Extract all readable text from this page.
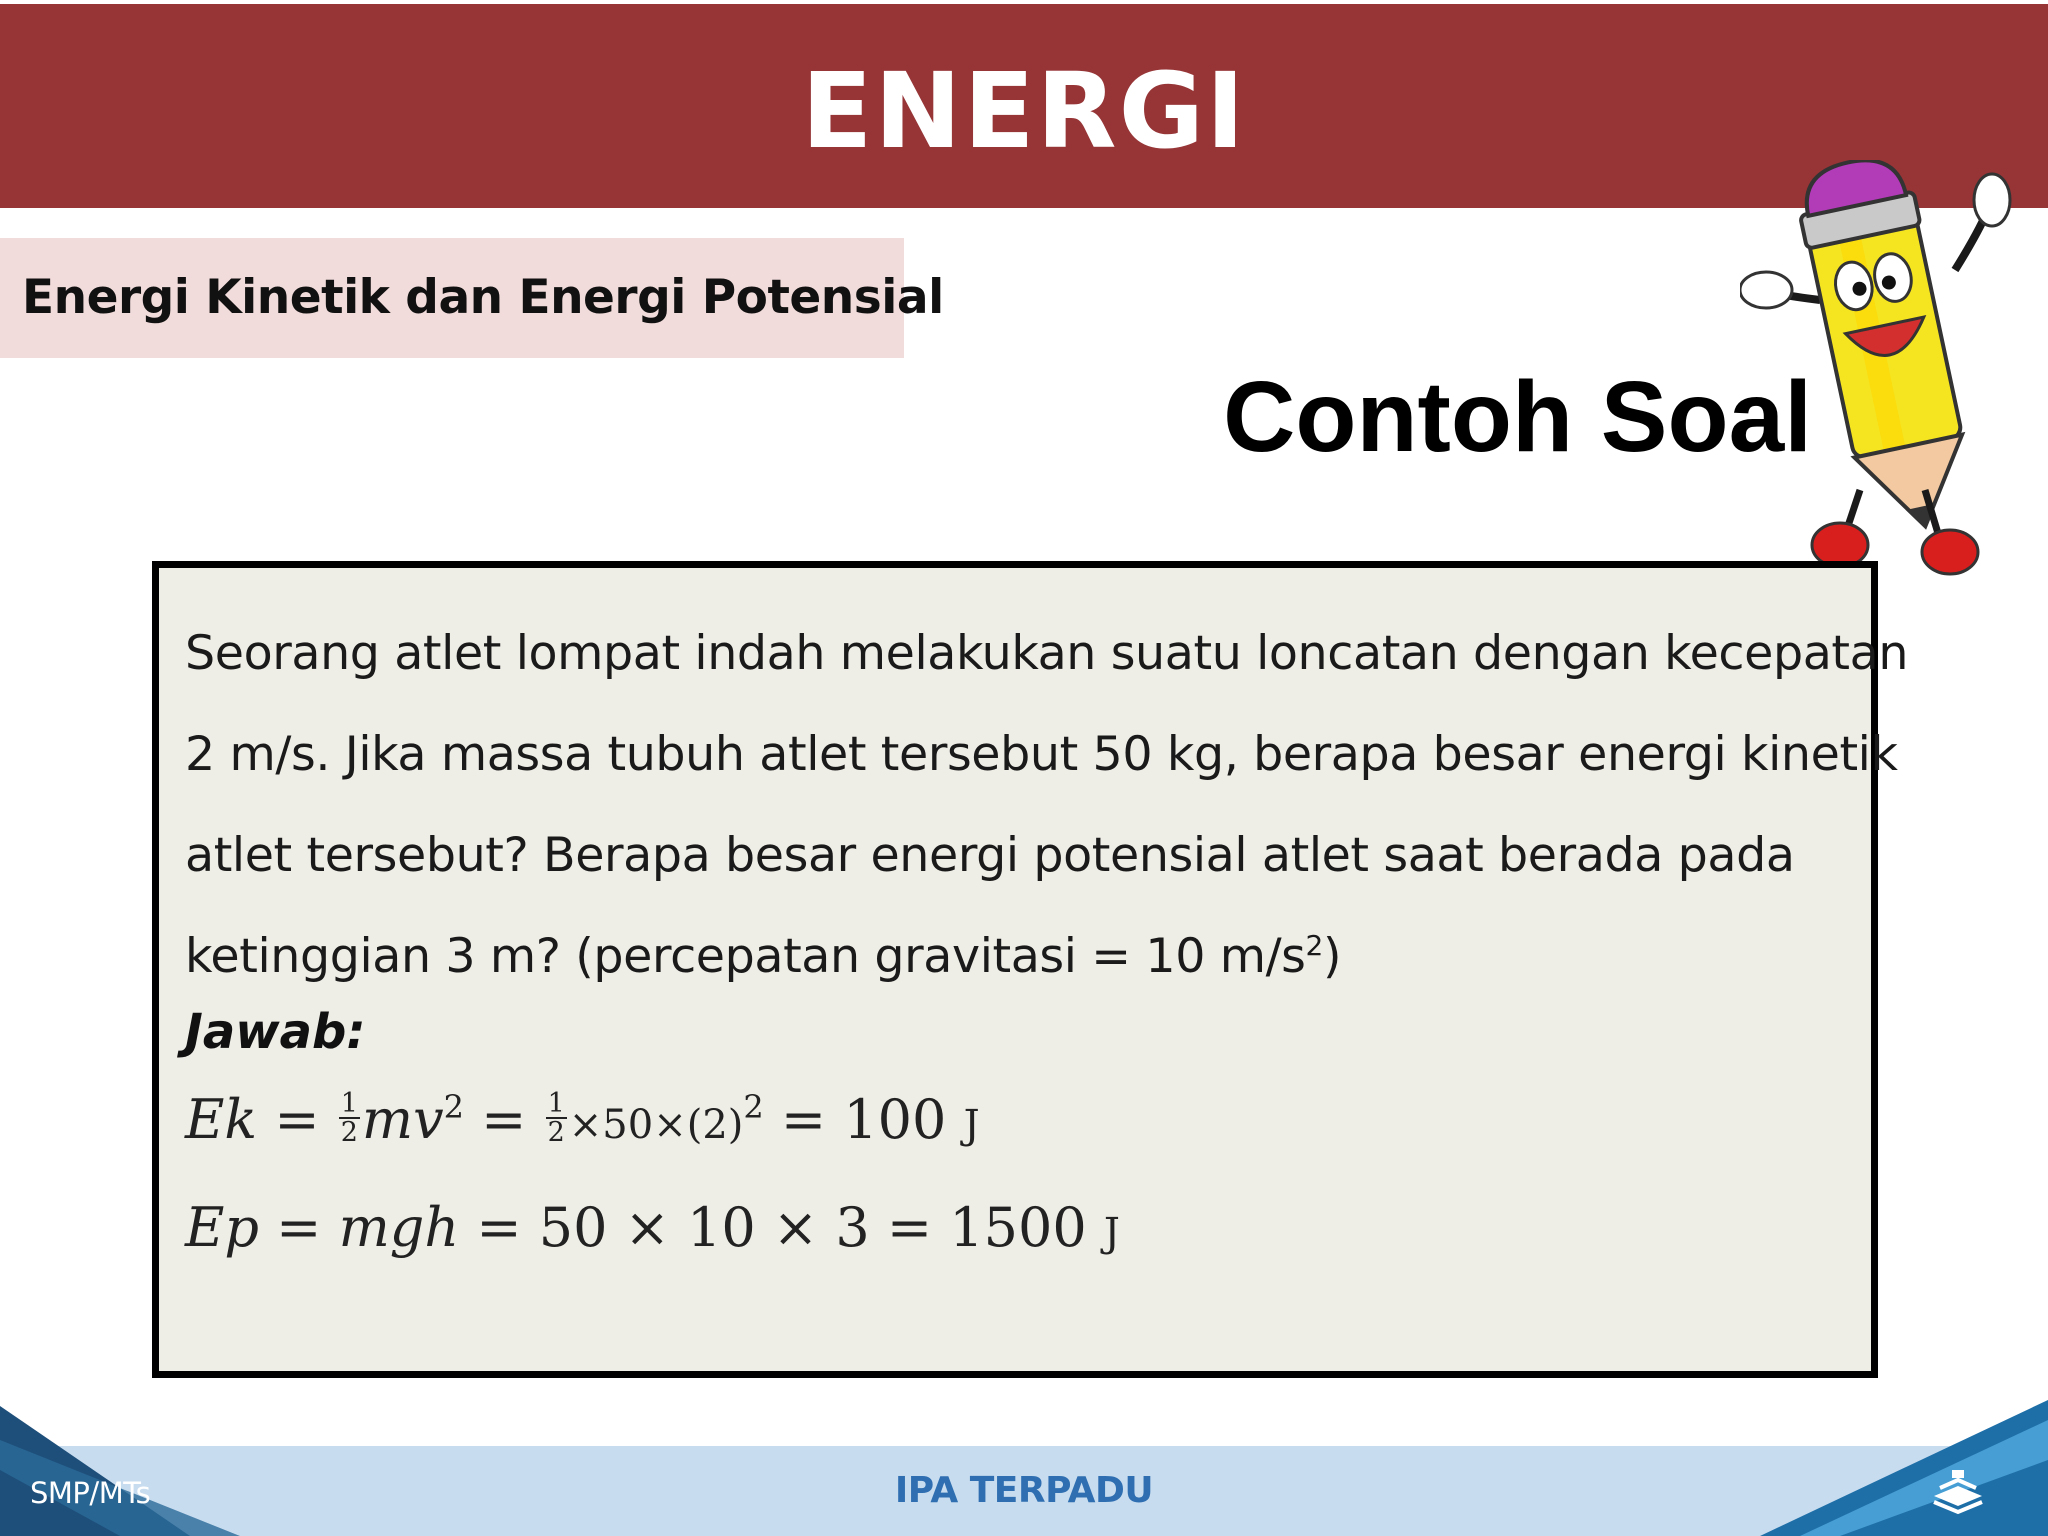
ENERGI
Energi Kinetik dan Energi Potensial
Contoh Soal
Seorang atlet lompat indah melakukan suatu loncatan dengan kecepatan
2 m/s. Jika massa tubuh atlet tersebut 50 kg, berapa besar energi kinetik
atlet tersebut? Berapa besar energi potensial atlet saat berada pada
ketinggian 3 m? (percepatan gravitasi = 10 $m/s^2$)
Jawab:
$Ek = \frac{1}{2} mv^2 = \frac{1}{2} \times 50\times(2)^2 = 100$ J
Ep = mgh = 50 × 10 × 3 = 1500 J
SMP/MTs	IPA TERPADU
